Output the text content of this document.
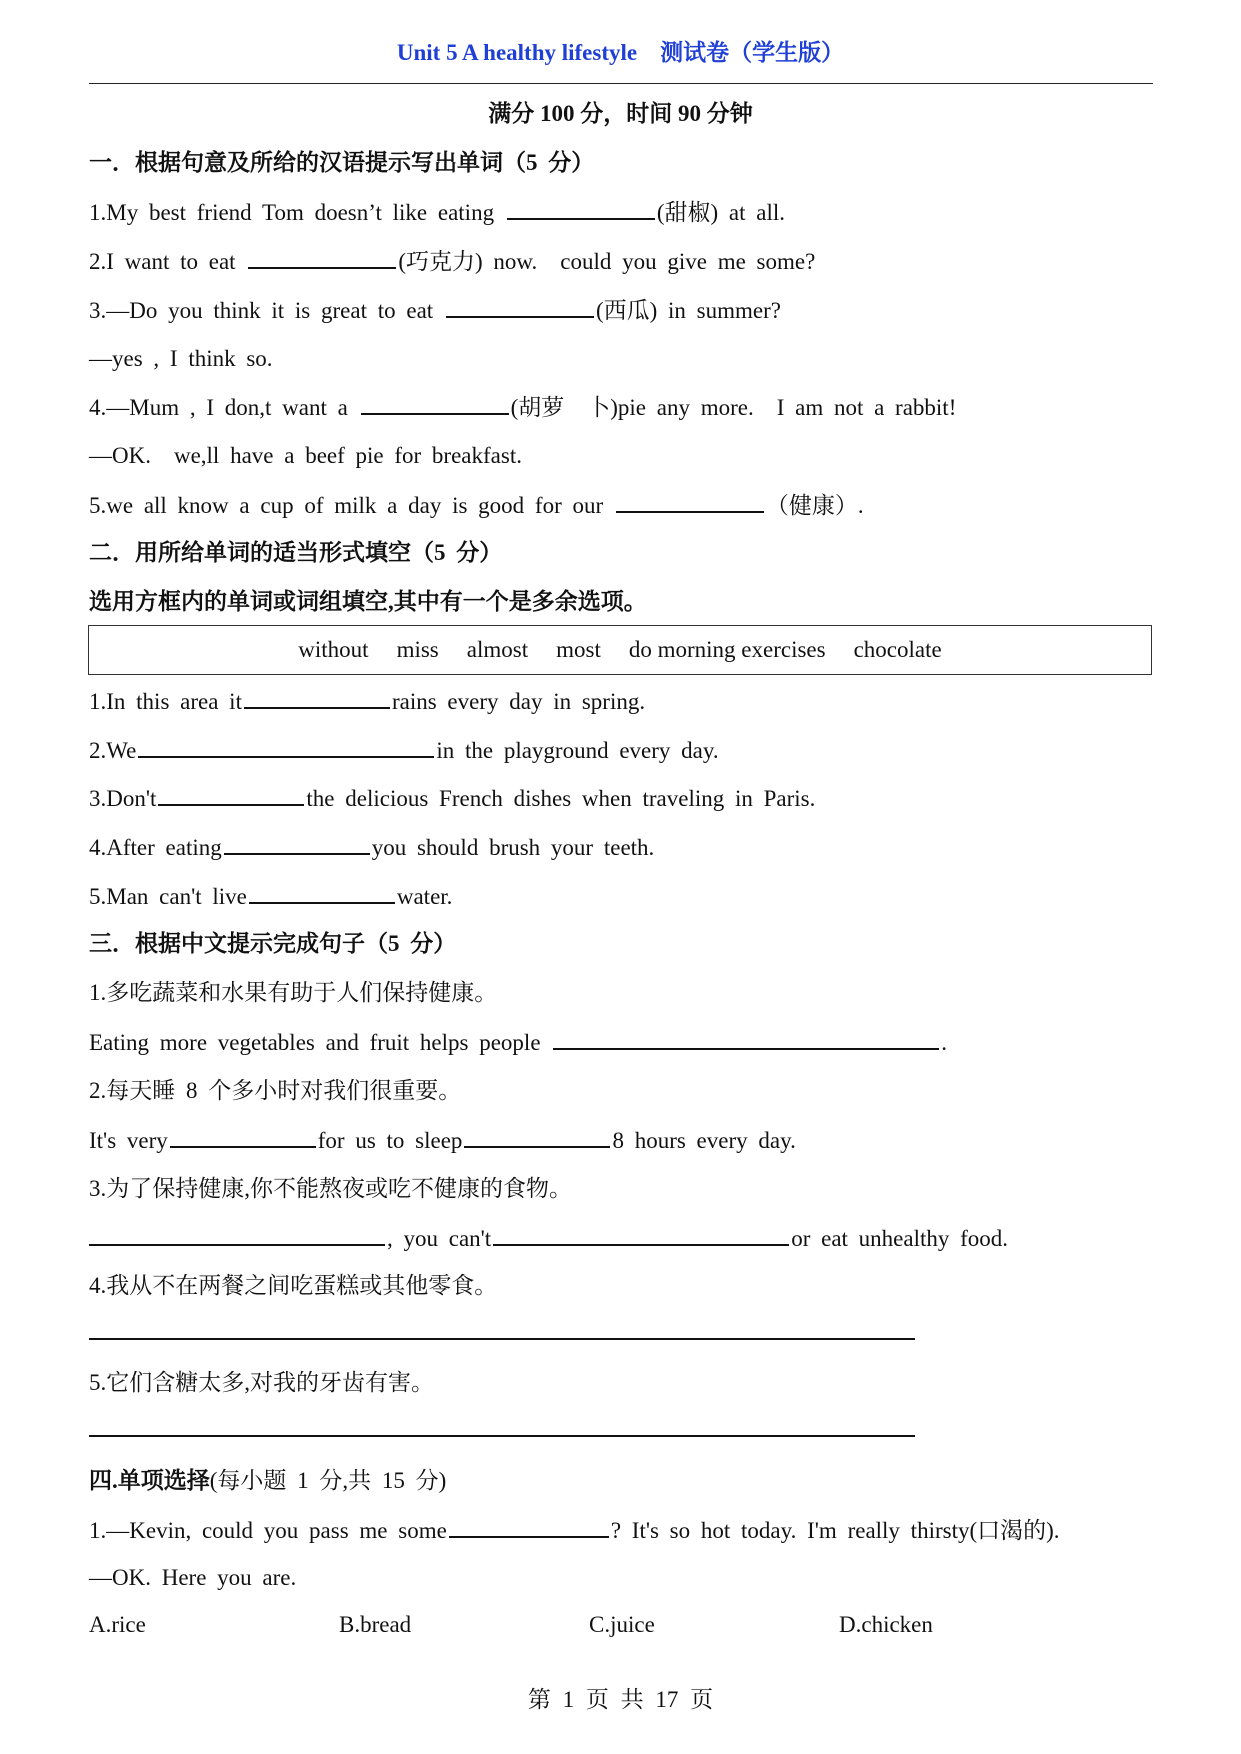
Unit 5 A healthy lifestyle　测试卷（学生版）
满分 100 分，时间 90 分钟
一．根据句意及所给的汉语提示写出单词（5 分）
1.My best friend Tom doesn’t like eating	(甜椒) at all.
2.I want to eat	(巧克力) now.　could you give me some?
3.—Do you think it is great to eat	(西瓜) in summer?
—yes , I think so.
4.—Mum , I don,t want a	(胡萝　卜)pie any more.　I am not a rabbit!
—OK.　we,ll have a beef pie for breakfast.
5.we all know a cup of milk a day is good for our	（健康）.
二．用所给单词的适当形式填空（5 分）
选用方框内的单词或词组填空,其中有一个是多余选项。
without miss almost most do morning exercises chocolate
1.In this area it	rains every day in spring.
2.We	in the playground every day.
3.Don't	the delicious French dishes when traveling in Paris.
4.After eating	you should brush your teeth.
5.Man can't live	water.
三．根据中文提示完成句子（5 分）
1.多吃蔬菜和水果有助于人们保持健康。
Eating more vegetables and fruit helps people	.
2.每天睡 8 个多小时对我们很重要。
It's very	for us to sleep	8 hours every day.
3.为了保持健康,你不能熬夜或吃不健康的食物。
, you can't	or eat unhealthy food.
4.我从不在两餐之间吃蛋糕或其他零食。
5.它们含糖太多,对我的牙齿有害。
四.单项选择(每小题 1 分,共 15 分)
1.—Kevin, could you pass me some	? It's so hot today. I'm really thirsty(口渴的).
—OK. Here you are.
A.rice	B.bread	C.juice	D.chicken
第 1 页 共 17 页
